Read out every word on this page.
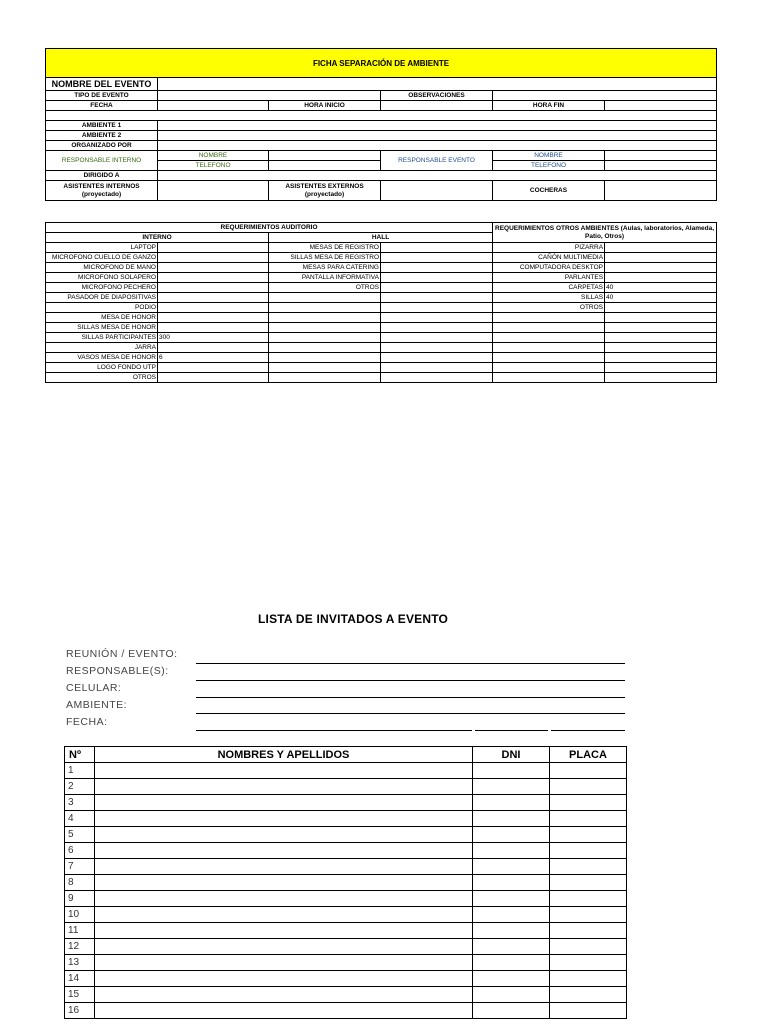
FICHA SEPARACIÓN DE AMBIENTE					
NOMBRE DEL EVENTO					
TIPO DE EVENTO			OBSERVACIONES		
FECHA		HORA INICIO		HORA FIN	

AMBIENTE 1					
AMBIENTE 2					
ORGANIZADO POR					
RESPONSABLE INTERNO	NOMBRE		RESPONSABLE EVENTO	NOMBRE	
	TELEFONO			TELEFONO	
DIRIGIDO A					
ASISTENTES INTERNOS (proyectado)		ASISTENTES EXTERNOS (proyectado)		COCHERAS	
REQUERIMIENTOS AUDITORIO				REQUERIMIENTOS OTROS AMBIENTES (Aulas, laboratorios, Alameda, Patio, Otros)	
INTERNO		HALL			
LAPTOP		MESAS DE REGISTRO		PIZARRA	
MICROFONO CUELLO DE GANZO		SILLAS MESA DE REGISTRO		CAÑÓN MULTIMEDIA	
MICROFONO DE MANO		MESAS PARA CATERING		COMPUTADORA DESKTOP	
MICROFONO SOLAPERO		PANTALLA INFORMATIVA		PARLANTES	
MICROFONO PECHERO		OTROS		CARPETAS	40
PASADOR DE DIAPOSITIVAS				SILLAS	40
PODIO				OTROS	
MESA DE HONOR					
SILLAS MESA DE HONOR					
SILLAS PARTICIPANTES	300				
JARRA					
VASOS MESA DE HONOR	6				
LOGO FONDO UTP					
OTROS					
LISTA DE INVITADOS A EVENTO
REUNIÓN / EVENTO:
RESPONSABLE(S):
CELULAR:
AMBIENTE:
FECHA:
Nº	NOMBRES Y APELLIDOS	DNI	PLACA
1			
2			
3			
4			
5			
6			
7			
8			
9			
10			
11			
12			
13			
14			
15			
16			
